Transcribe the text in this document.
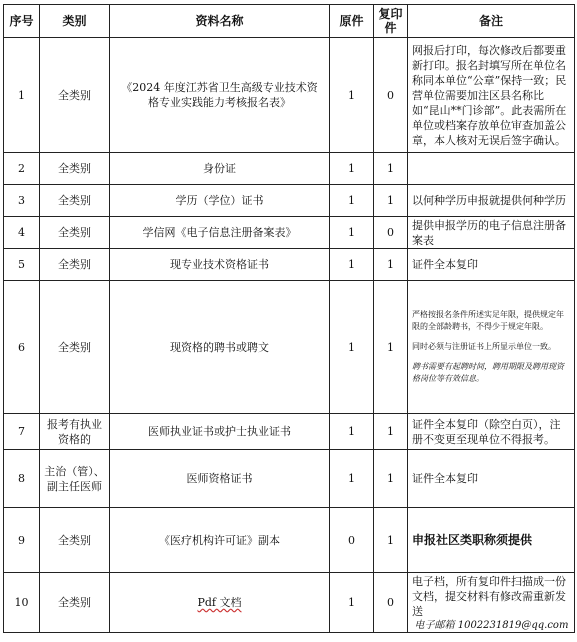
序号	类别	资料名称	原件	复印件	备注
1	全类别	《2024 年度江苏省卫生高级专业技术资格专业实践能力考核报名表》	1	0	网报后打印，每次修改后都要重新打印。报名封填写所在单位名称同本单位“公章”保持一致；民营单位需要加注区县名称比如“昆山**门诊部”。此表需所在单位或档案存放单位审查加盖公章，本人核对无误后签字确认。
2	全类别	身份证	1	1	
3	全类别	学历（学位）证书	1	1	以何种学历申报就提供何种学历
4	全类别	学信网《电子信息注册备案表》	1	0	提供申报学历的电子信息注册备案表
5	全类别	现专业技术资格证书	1	1	证件全本复印
6	全类别	现资格的聘书或聘文	1	1	严格按报名条件所述实足年限，提供规定年限的全部龄聘书，不得少于规定年限。
同时必须与注册证书上所显示单位一致。
聘书需要有起聘时间，聘用期限及聘用现资格岗位等有效信息。

7	报考有执业资格的	医师执业证书或护士执业证书	1	1	证件全本复印（除空白页），注册不变更至现单位不得报考。
8	主治（管）、副主任医师	医师资格证书	1	1	证件全本复印
9	全类别	《医疗机构许可证》副本	0	1	申报社区类职称须提供
10	全类别	Pdf 文档	1	0	电子档，所有复印件扫描成一份文档，提交材料有修改需重新发送
电子邮箱 1002231819@qq.com
